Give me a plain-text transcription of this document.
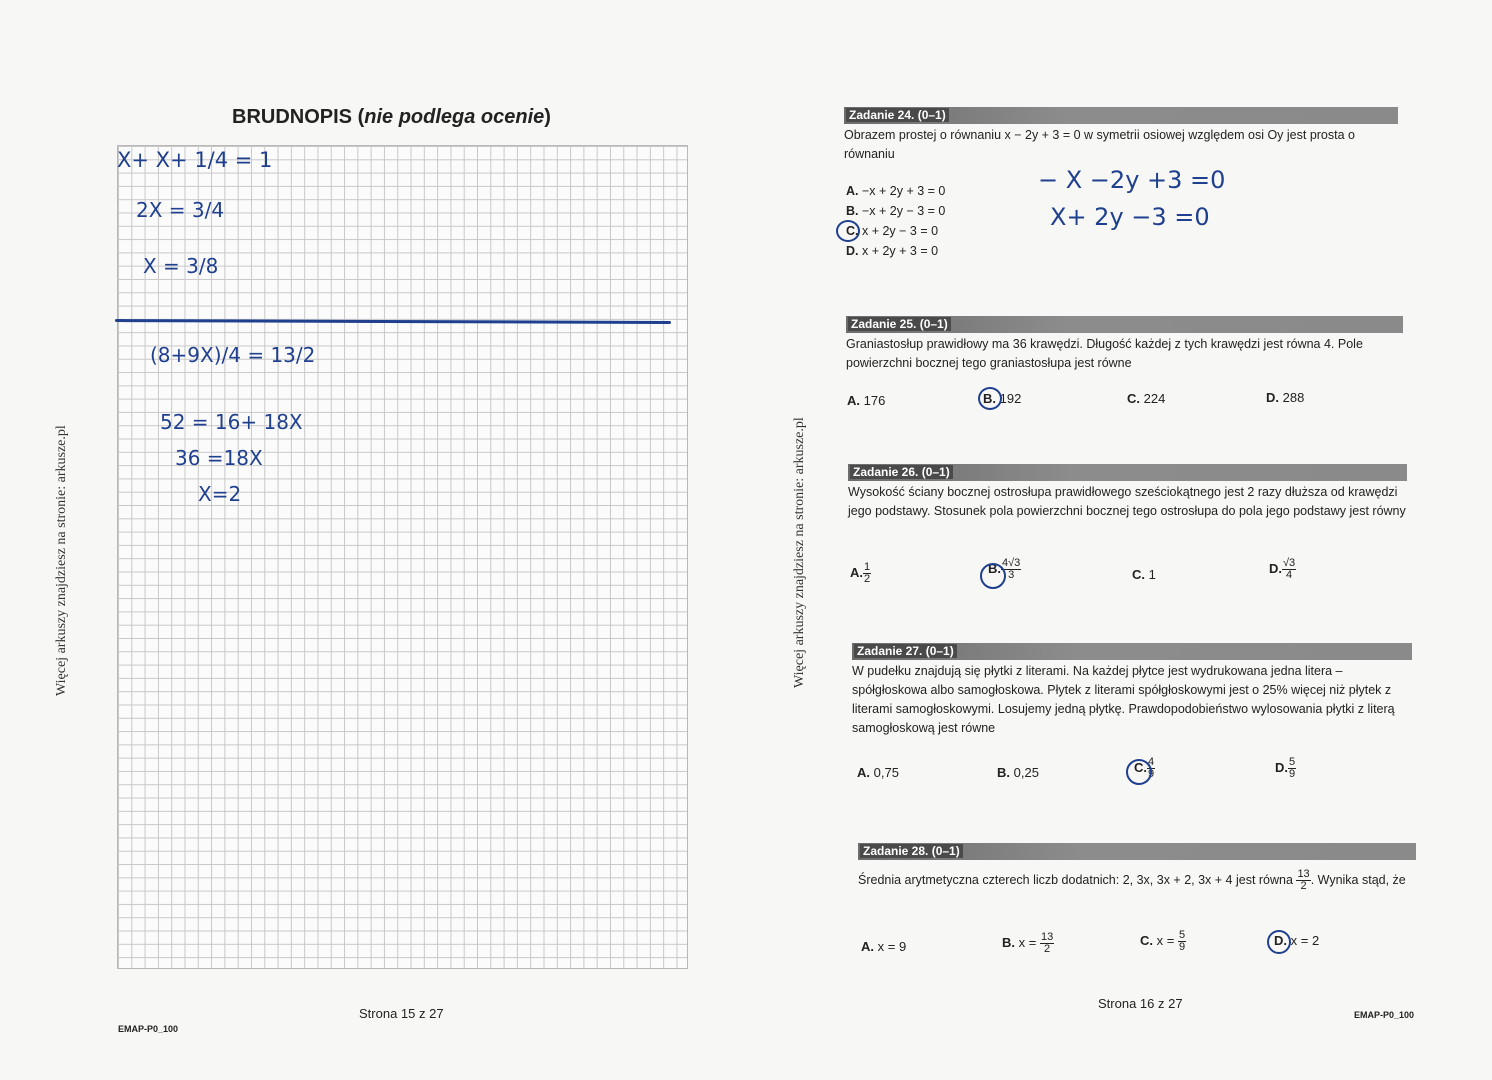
Więcej arkuszy znajdziesz na stronie: arkusze.pl
BRUDNOPIS (nie podlega ocenie)
X+ X+ 1/4 = 1
2X = 3/4
X = 3/8
(8+9X)/4 = 13/2
52 = 16+ 18X
36 =18X
X=2
EMAP-P0_100
Strona 15 z 27
Więcej arkuszy znajdziesz na stronie: arkusze.pl
Zadanie 24. (0–1)
Obrazem prostej o równaniu x − 2y + 3 = 0 w symetrii osiowej względem osi Oy jest prosta o równaniu
A. −x + 2y + 3 = 0
B. −x + 2y − 3 = 0
C. x + 2y − 3 = 0
D. x + 2y + 3 = 0
− X −2y +3 =0
X+ 2y −3 =0
Zadanie 25. (0–1)
Graniastosłup prawidłowy ma 36 krawędzi. Długość każdej z tych krawędzi jest równa 4. Pole powierzchni bocznej tego graniastosłupa jest równe
A. 176	B. 192	C. 224	D. 288
Zadanie 26. (0–1)
Wysokość ściany bocznej ostrosłupa prawidłowego sześciokątnego jest 2 razy dłuższa od krawędzi jego podstawy. Stosunek pola powierzchni bocznej tego ostrosłupa do pola jego podstawy jest równy
A. $\frac{1}{2}$	B. $\frac{4√3}{3}$	C. 1	D. $\frac{√3}{4}$
Zadanie 27. (0–1)
W pudełku znajdują się płytki z literami. Na każdej płytce jest wydrukowana jedna litera – spółgłoskowa albo samogłoskowa. Płytek z literami spółgłoskowymi jest o 25% więcej niż płytek z literami samogłoskowymi. Losujemy jedną płytkę. Prawdopodobieństwo wylosowania płytki z literą samogłoskową jest równe
A. 0,75	B. 0,25	C. $\frac{4}{9}$	D. $\frac{5}{9}$
Zadanie 28. (0–1)
Średnia arytmetyczna czterech liczb dodatnich: 2, 3x, 3x + 2, 3x + 4 jest równa $\frac{13}{2}$ . Wynika stąd, że
A. x = 9	B. $x = \frac{13}{2}$	C. $x = \frac{5}{9}$	D. x = 2
Strona 16 z 27
EMAP-P0_100
